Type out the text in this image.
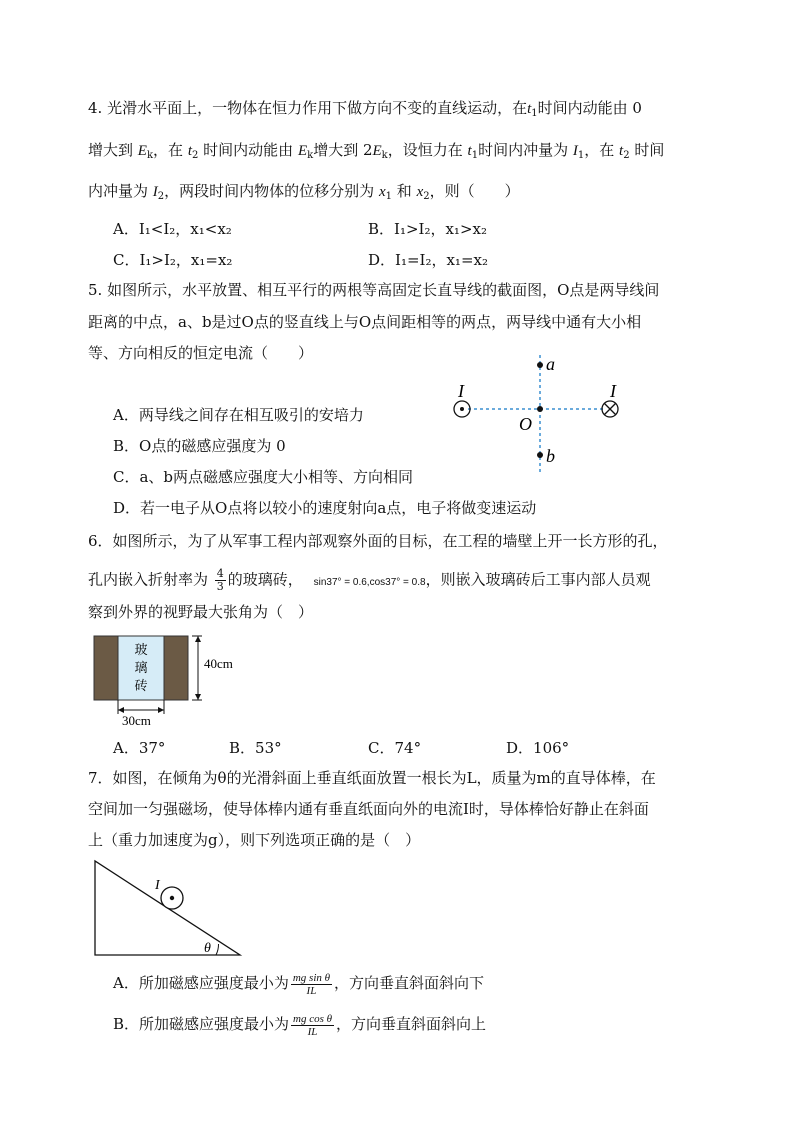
4. 光滑水平面上，一物体在恒力作用下做方向不变的直线运动，在$t_1$时间内动能由 0
增大到 $E_k$，在 $t_2$ 时间内动能由 $E_k$增大到 $2E_k$，设恒力在 $t_1$时间内冲量为 $I_1$，在 $t_2$ 时间
内冲量为 $I_2$，两段时间内物体的位移分别为 $x_1$ 和 $x_2$，则（　　）
A．I₁<I₂，x₁<x₂	B．I₁>I₂，x₁>x₂
C．I₁>I₂，x₁=x₂	D．I₁=I₂，x₁=x₂
5. 如图所示，水平放置、相互平行的两根等高固定长直导线的截面图，O点是两导线间
距离的中点，a、b是过O点的竖直线上与O点间距相等的两点，两导线中通有大小相
等、方向相反的恒定电流（　　）
A．两导线之间存在相互吸引的安培力
B．O点的磁感应强度为 0
C．a、b两点磁感应强度大小相等、方向相同
D．若一电子从O点将以较小的速度射向a点，电子将做变速运动
a
O
b
I	I
6．如图所示，为了从军事工程内部观察外面的目标，在工程的墙壁上开一长方形的孔，
孔内嵌入折射率为 $\frac{4}{3}$ 的玻璃砖， sin37° = 0.6,cos37° = 0.8，则嵌入玻璃砖后工事内部人员观
察到外界的视野最大张角为（　）
玻
璃
砖
40cm
30cm
A．37°	B．53°	C．74°	D．106°
7．如图，在倾角为θ的光滑斜面上垂直纸面放置一根长为L，质量为m的直导体棒，在
空间加一匀强磁场，使导体棒内通有垂直纸面向外的电流I时，导体棒恰好静止在斜面
上（重力加速度为g），则下列选项正确的是（　）
I
θ
A．所加磁感应强度最小为 $\frac{\text{mg sin θ}}{IL}$ ，方向垂直斜面斜向下
B．所加磁感应强度最小为 $\frac{\text{mg cos θ}}{IL}$ ，方向垂直斜面斜向上
